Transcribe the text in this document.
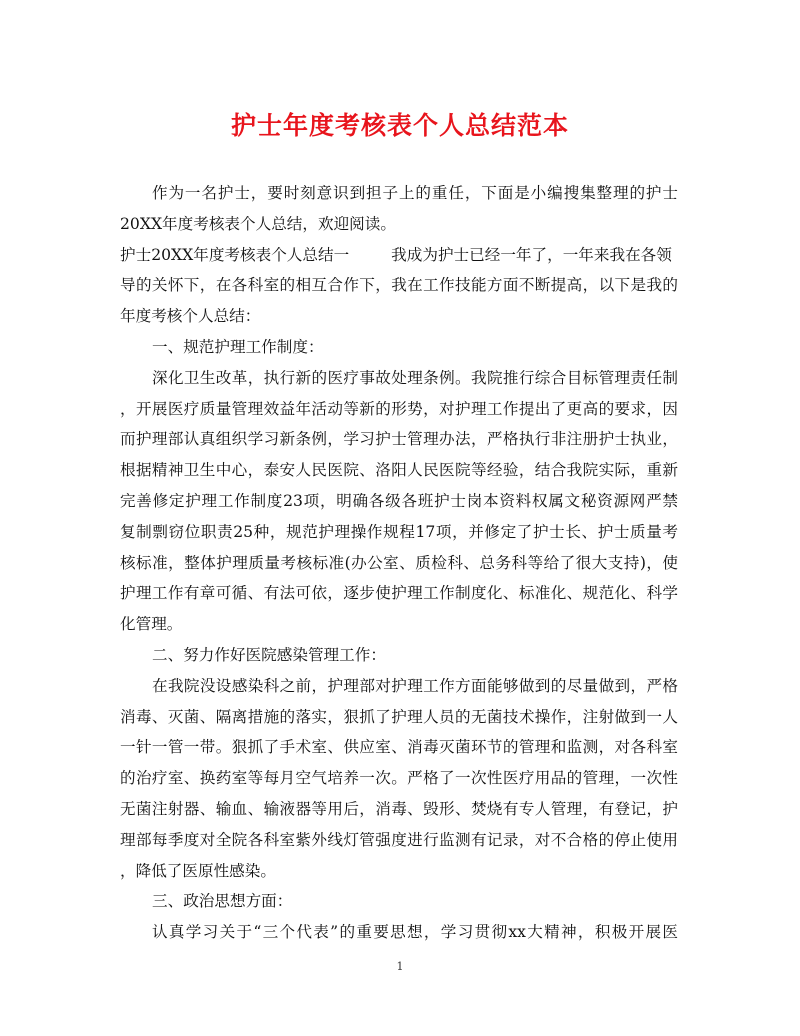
护士年度考核表个人总结范本
作为一名护士，要时刻意识到担子上的重任，下面是小编搜集整理的护士
20XX年度考核表个人总结，欢迎阅读。
护士20XX年度考核表个人总结一	我成为护士已经一年了，一年来我在各领
导的关怀下，在各科室的相互合作下，我在工作技能方面不断提高，以下是我的
年度考核个人总结：
一、规范护理工作制度：
深化卫生改革，执行新的医疗事故处理条例。我院推行综合目标管理责任制
，开展医疗质量管理效益年活动等新的形势，对护理工作提出了更高的要求，因
而护理部认真组织学习新条例，学习护士管理办法，严格执行非注册护士执业，
根据精神卫生中心，泰安人民医院、洛阳人民医院等经验，结合我院实际，重新
完善修定护理工作制度23项，明确各级各班护士岗本资料权属文秘资源网严禁
复制剽窃位职责25种，规范护理操作规程17项，并修定了护士长、护士质量考
核标准，整体护理质量考核标准(办公室、质检科、总务科等给了很大支持)，使
护理工作有章可循、有法可依，逐步使护理工作制度化、标准化、规范化、科学
化管理。
二、努力作好医院感染管理工作：
在我院没设感染科之前，护理部对护理工作方面能够做到的尽量做到，严格
消毒、灭菌、隔离措施的落实，狠抓了护理人员的无菌技术操作，注射做到一人
一针一管一带。狠抓了手术室、供应室、消毒灭菌环节的管理和监测，对各科室
的治疗室、换药室等每月空气培养一次。严格了一次性医疗用品的管理，一次性
无菌注射器、输血、输液器等用后，消毒、毁形、焚烧有专人管理，有登记，护
理部每季度对全院各科室紫外线灯管强度进行监测有记录，对不合格的停止使用
，降低了医原性感染。
三、政治思想方面：
认真学习关于“三个代表”的重要思想，学习贯彻xx大精神，积极开展医
1
